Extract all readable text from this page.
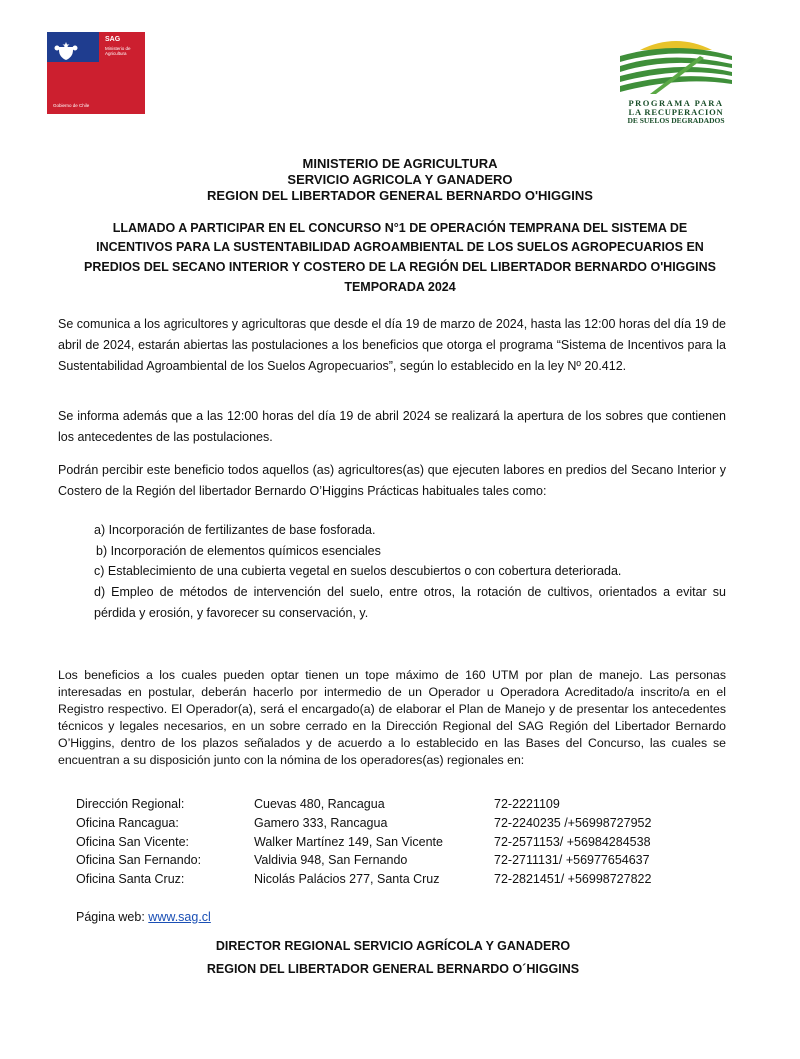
SAG
Ministerio de
Agricultura
Gobierno de Chile	PROGRAMA PARA
LA RECUPERACION
DE SUELOS DEGRADADOS
MINISTERIO DE AGRICULTURA
SERVICIO AGRICOLA Y GANADERO
REGION DEL LIBERTADOR GENERAL BERNARDO O'HIGGINS
LLAMADO A PARTICIPAR EN EL CONCURSO N°1 DE OPERACIÓN TEMPRANA DEL SISTEMA DE
INCENTIVOS PARA LA SUSTENTABILIDAD AGROAMBIENTAL DE LOS SUELOS AGROPECUARIOS EN
PREDIOS DEL SECANO INTERIOR Y COSTERO DE LA REGIÓN DEL LIBERTADOR BERNARDO O'HIGGINS
TEMPORADA 2024
Se comunica a los agricultores y agricultoras que desde el día 19 de marzo de 2024, hasta las 12:00 horas del día 19 de abril de 2024, estarán abiertas las postulaciones a los beneficios que otorga el programa “Sistema de Incentivos para la Sustentabilidad Agroambiental de los Suelos Agropecuarios”, según lo establecido en la ley Nº 20.412.
Se informa además que a las 12:00 horas del día 19 de abril 2024 se realizará la apertura de los sobres que contienen los antecedentes de las postulaciones.
Podrán percibir este beneficio todos aquellos (as) agricultores(as) que ejecuten labores en predios del Secano Interior y Costero de la Región del libertador Bernardo O’Higgins Prácticas habituales tales como:
a) Incorporación de fertilizantes de base fosforada.
b) Incorporación de elementos químicos esenciales
c) Establecimiento de una cubierta vegetal en suelos descubiertos o con cobertura deteriorada.
d) Empleo de métodos de intervención del suelo, entre otros, la rotación de cultivos, orientados a evitar su pérdida y erosión, y favorecer su conservación, y.
Los beneficios a los cuales pueden optar tienen un tope máximo de 160 UTM por plan de manejo. Las personas interesadas en postular, deberán hacerlo por intermedio de un Operador u Operadora Acreditado/a inscrito/a en el Registro respectivo. El Operador(a), será el encargado(a) de elaborar el Plan de Manejo y de presentar los antecedentes técnicos y legales necesarios, en un sobre cerrado en la Dirección Regional del SAG Región del Libertador Bernardo O’Higgins, dentro de los plazos señalados y de acuerdo a lo establecido en las Bases del Concurso, las cuales se encuentran a su disposición junto con la nómina de los operadores(as) regionales en:
Dirección Regional:	Cuevas 480, Rancagua	72-2221109
Oficina Rancagua:	Gamero 333, Rancagua	72-2240235 /+56998727952
Oficina San Vicente:	Walker Martínez 149, San Vicente	72-2571153/ +56984284538
Oficina San Fernando:	Valdivia 948, San Fernando	72-2711131/ +56977654637
Oficina Santa Cruz:	Nicolás Palácios 277, Santa Cruz	72-2821451/ +56998727822
Página web: www.sag.cl
DIRECTOR REGIONAL SERVICIO AGRÍCOLA Y GANADERO
REGION DEL LIBERTADOR GENERAL BERNARDO O´HIGGINS
